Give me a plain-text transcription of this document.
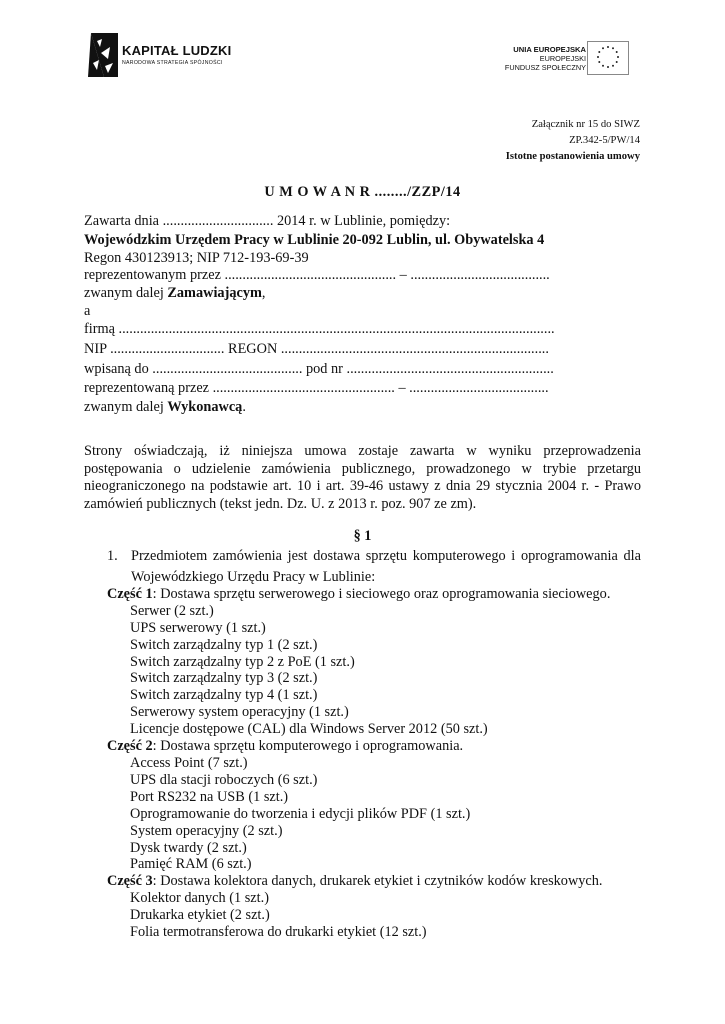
KAPITAŁ LUDZKI
NARODOWA STRATEGIA SPÓJNOŚCI
UNIA EUROPEJSKA
EUROPEJSKI
FUNDUSZ SPOŁECZNY
Załącznik nr 15 do SIWZ
ZP.342-5/PW/14
Istotne postanowienia umowy
U M O W A N R ......../ZZP/14
Zawarta dnia ............................... 2014 r. w Lublinie, pomiędzy:
Wojewódzkim Urzędem Pracy w Lublinie 20-092 Lublin, ul. Obywatelska 4
Regon 430123913; NIP 712-193-69-39
reprezentowanym przez ................................................ – .......................................
zwanym dalej Zamawiającym,
a
firmą ..........................................................................................................................
NIP ................................ REGON ...........................................................................
wpisaną do .......................................... pod nr ..........................................................
reprezentowaną przez ................................................... – .......................................
zwanym dalej Wykonawcą.
Strony oświadczają, iż niniejsza umowa zostaje zawarta w wyniku przeprowadzenia postępowania o udzielenie zamówienia publicznego, prowadzonego w trybie przetargu nieograniczonego na podstawie art. 10 i art. 39-46 ustawy z dnia 29 stycznia 2004 r. - Prawo zamówień publicznych (tekst jedn. Dz. U. z 2013 r. poz. 907 ze zm).
§ 1
1. Przedmiotem zamówienia jest dostawa sprzętu komputerowego i oprogramowania dla Wojewódzkiego Urzędu Pracy w Lublinie:
Część 1: Dostawa sprzętu serwerowego i sieciowego oraz oprogramowania sieciowego.
Serwer (2 szt.)
UPS serwerowy (1 szt.)
Switch zarządzalny typ 1 (2 szt.)
Switch zarządzalny typ 2 z PoE (1 szt.)
Switch zarządzalny typ 3 (2 szt.)
Switch zarządzalny typ 4 (1 szt.)
Serwerowy system operacyjny (1 szt.)
Licencje dostępowe (CAL) dla Windows Server 2012 (50 szt.)
Część 2: Dostawa sprzętu komputerowego i oprogramowania.
Access Point (7 szt.)
UPS dla stacji roboczych (6 szt.)
Port RS232 na USB (1 szt.)
Oprogramowanie do tworzenia i edycji plików PDF (1 szt.)
System operacyjny (2 szt.)
Dysk twardy (2 szt.)
Pamięć RAM (6 szt.)
Część 3: Dostawa kolektora danych, drukarek etykiet i czytników kodów kreskowych.
Kolektor danych (1 szt.)
Drukarka etykiet (2 szt.)
Folia termotransferowa do drukarki etykiet (12 szt.)
